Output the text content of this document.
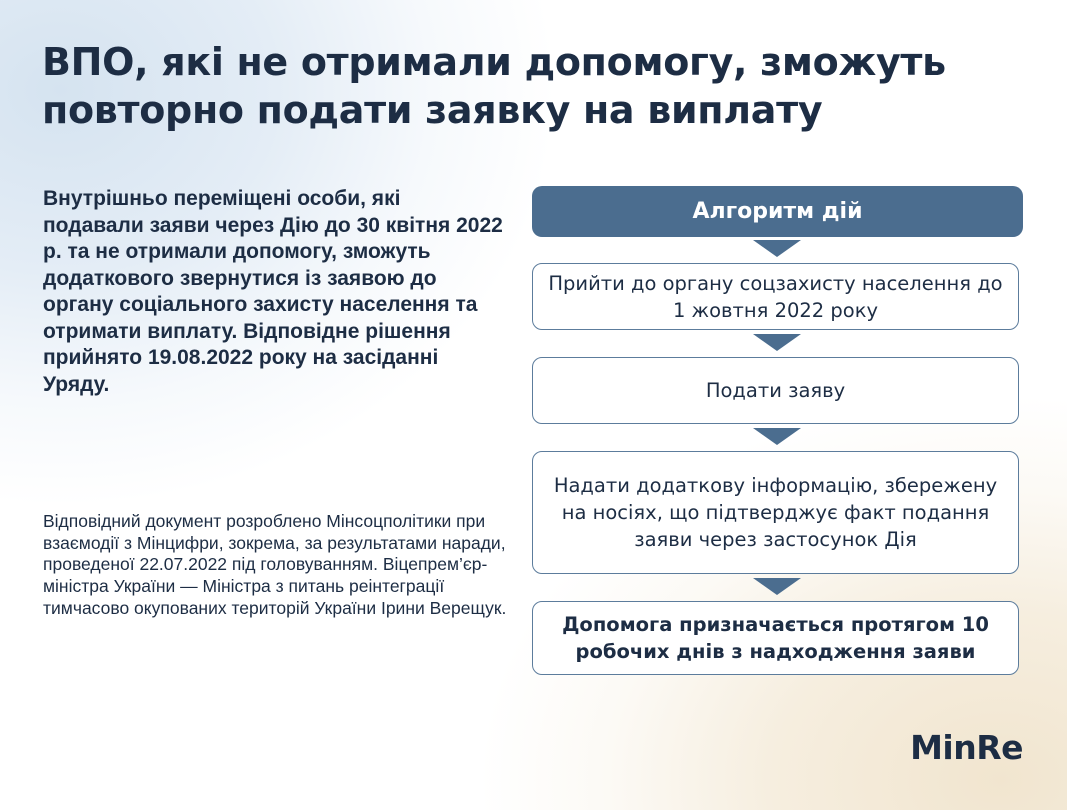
ВПО, які не отримали допомогу, зможуть повторно подати заявку на виплату

Внутрішньо переміщені особи, які подавали заяви через Дію до 30 квітня 2022 р. та не отримали допомогу, зможуть додаткового звернутися із заявою до органу соціального захисту населення та отримати виплату. Відповідне рішення прийнято 19.08.2022 року на засіданні Уряду.

Відповідний документ розроблено Мінсоцполітики при взаємодії з Мінцифри, зокрема, за результатами наради, проведеної 22.07.2022 під головуванням. Віцепрем’єр-міністра України — Міністра з питань реінтеграції тимчасово окупованих територій України Ірини Верещук.

Алгоритм дій
Прийти до органу соцзахисту населення до 1 жовтня 2022 року
Подати заяву
Надати додаткову інформацію, збережену на носіях, що підтверджує факт подання заяви через застосунок Дія
Допомога призначається протягом 10 робочих днів з надходження заяви
MinRe
